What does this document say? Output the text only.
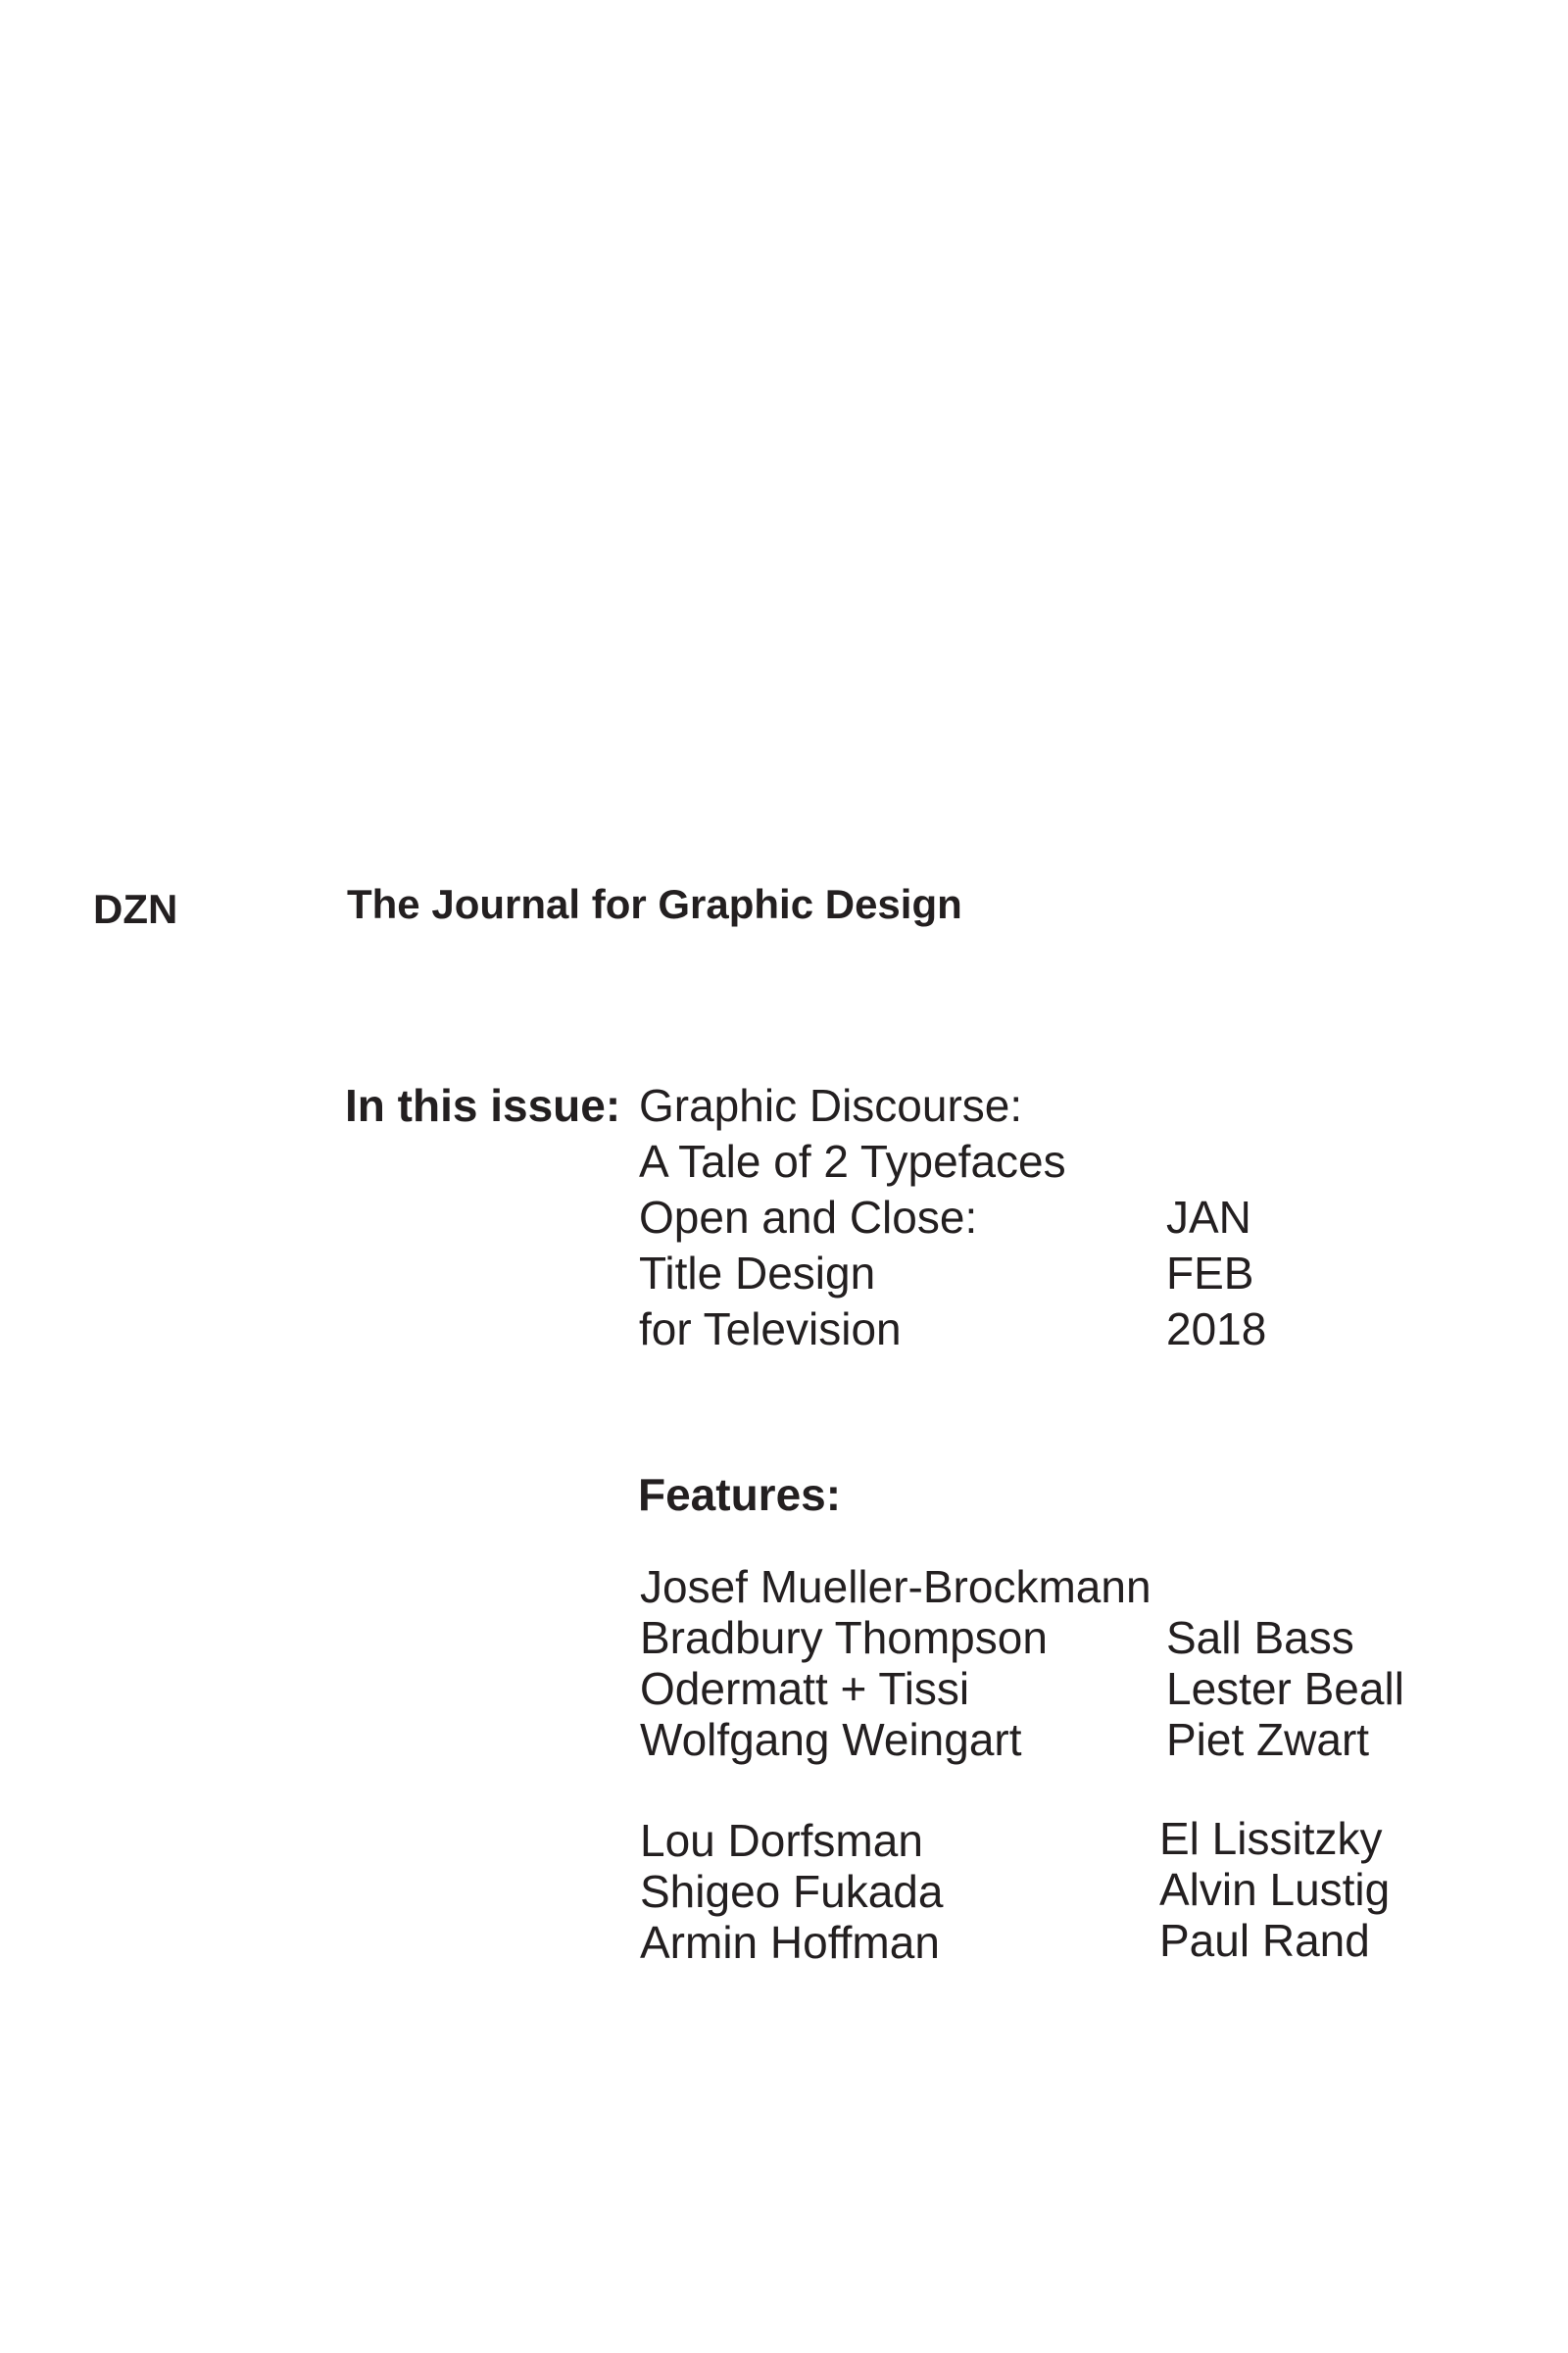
DZN	The Journal for Graphic Design
In this issue: Graphic Discourse:
A Tale of 2 Typefaces
Open and Close:
Title Design
for Television
JAN
FEB
2018
Features:
Josef Mueller-Brockmann
Bradbury Thompson
Odermatt + Tissi
Wolfgang Weingart
Sall Bass
Lester Beall
Piet Zwart
Lou Dorfsman
Shigeo Fukada
Armin Hoffman
El Lissitzky
Alvin Lustig
Paul Rand
